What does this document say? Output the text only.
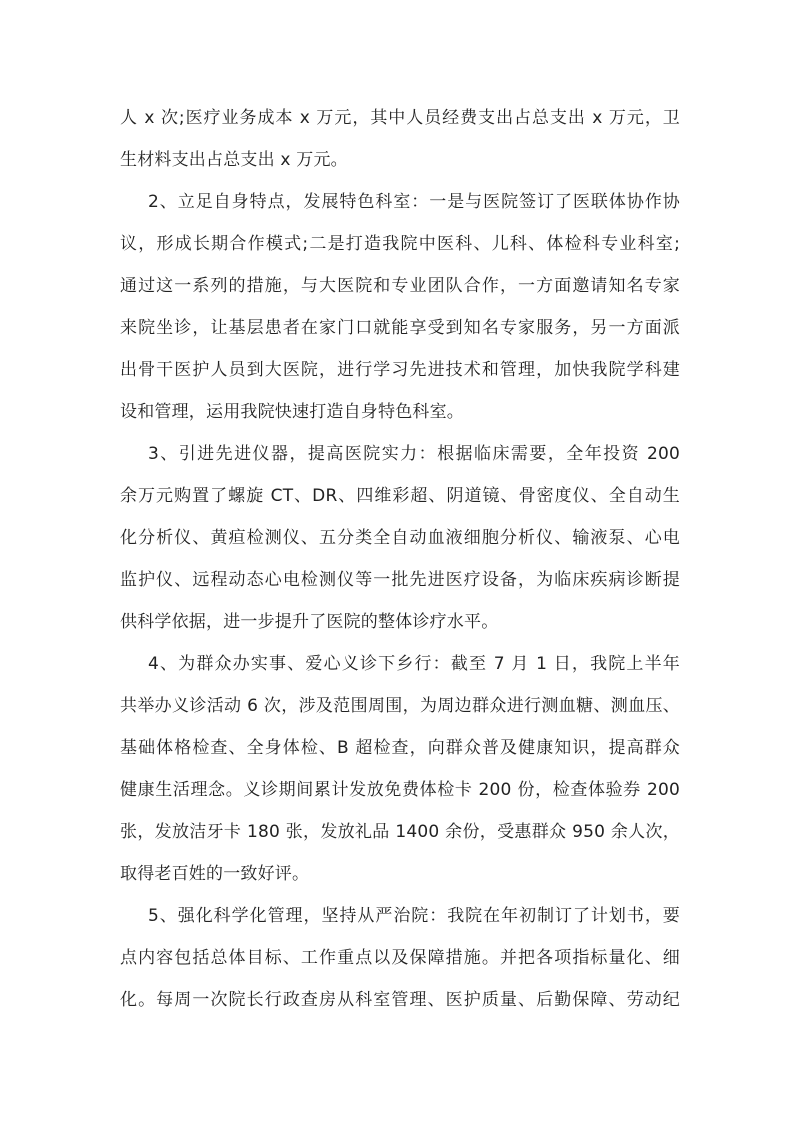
人 x 次;医疗业务成本 x 万元，其中人员经费支出占总支出 x 万元，卫
生材料支出占总支出 x 万元。
2、立足自身特点，发展特色科室：一是与医院签订了医联体协作协
议，形成长期合作模式;二是打造我院中医科、儿科、体检科专业科室;
通过这一系列的措施，与大医院和专业团队合作，一方面邀请知名专家
来院坐诊，让基层患者在家门口就能享受到知名专家服务，另一方面派
出骨干医护人员到大医院，进行学习先进技术和管理，加快我院学科建
设和管理，运用我院快速打造自身特色科室。
3、引进先进仪器，提高医院实力：根据临床需要，全年投资 200
余万元购置了螺旋 CT、DR、四维彩超、阴道镜、骨密度仪、全自动生
化分析仪、黄疸检测仪、五分类全自动血液细胞分析仪、输液泵、心电
监护仪、远程动态心电检测仪等一批先进医疗设备，为临床疾病诊断提
供科学依据，进一步提升了医院的整体诊疗水平。
4、为群众办实事、爱心义诊下乡行：截至 7 月 1 日，我院上半年
共举办义诊活动 6 次，涉及范围周围，为周边群众进行测血糖、测血压、
基础体格检查、全身体检、B 超检查，向群众普及健康知识，提高群众
健康生活理念。义诊期间累计发放免费体检卡 200 份，检查体验券 200
张，发放洁牙卡 180 张，发放礼品 1400 余份，受惠群众 950 余人次，
取得老百姓的一致好评。
5、强化科学化管理，坚持从严治院：我院在年初制订了计划书，要
点内容包括总体目标、工作重点以及保障措施。并把各项指标量化、细
化。每周一次院长行政查房从科室管理、医护质量、后勤保障、劳动纪
